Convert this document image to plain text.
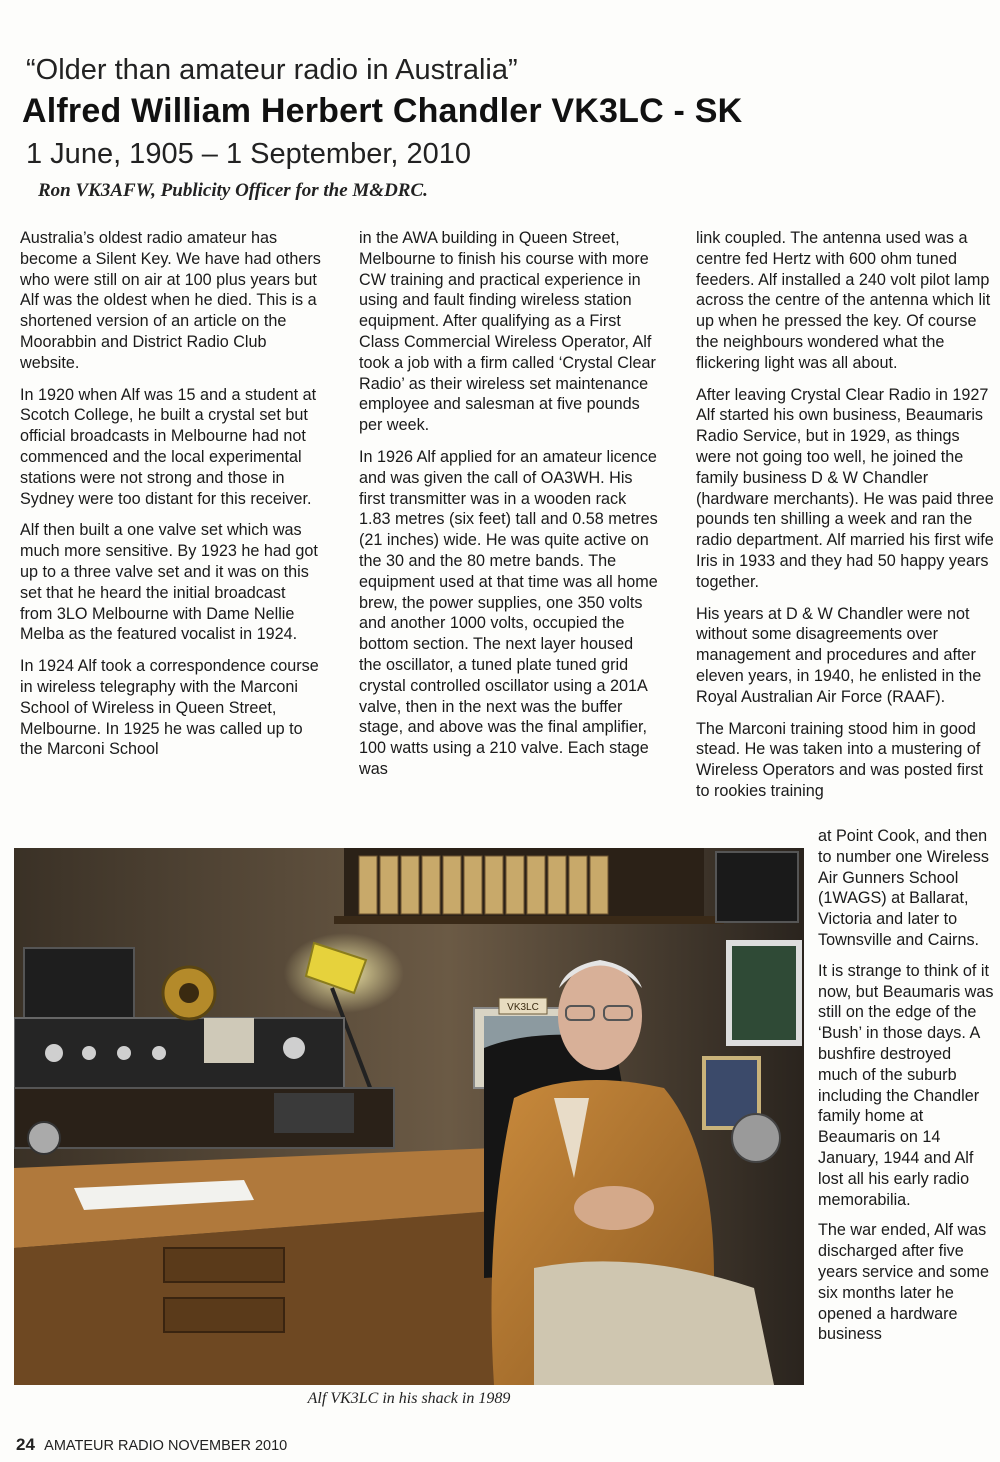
“Older than amateur radio in Australia”
Alfred William Herbert Chandler VK3LC - SK
1 June, 1905 – 1 September, 2010
Ron VK3AFW, Publicity Officer for the M&DRC.

Australia’s oldest radio amateur has become a Silent Key. We have had others who were still on air at 100 plus years but Alf was the oldest when he died. This is a shortened version of an article on the Moorabbin and District Radio Club website.

In 1920 when Alf was 15 and a student at Scotch College, he built a crystal set but official broadcasts in Melbourne had not commenced and the local experimental stations were not strong and those in Sydney were too distant for this receiver.

Alf then built a one valve set which was much more sensitive. By 1923 he had got up to a three valve set and it was on this set that he heard the initial broadcast from 3LO Melbourne with Dame Nellie Melba as the featured vocalist in 1924.

In 1924 Alf took a correspondence course in wireless telegraphy with the Marconi School of Wireless in Queen Street, Melbourne. In 1925 he was called up to the Marconi School

in the AWA building in Queen Street, Melbourne to finish his course with more CW training and practical experience in using and fault finding wireless station equipment. After qualifying as a First Class Commercial Wireless Operator, Alf took a job with a firm called ‘Crystal Clear Radio’ as their wireless set maintenance employee and salesman at five pounds per week.

In 1926 Alf applied for an amateur licence and was given the call of OA3WH. His first transmitter was in a wooden rack 1.83 metres (six feet) tall and 0.58 metres (21 inches) wide. He was quite active on the 30 and the 80 metre bands. The equipment used at that time was all home brew, the power supplies, one 350 volts and another 1000 volts, occupied the bottom section. The next layer housed the oscillator, a tuned plate tuned grid crystal controlled oscillator using a 201A valve, then in the next was the buffer stage, and above was the final amplifier, 100 watts using a 210 valve. Each stage was

link coupled. The antenna used was a centre fed Hertz with 600 ohm tuned feeders. Alf installed a 240 volt pilot lamp across the centre of the antenna which lit up when he pressed the key. Of course the neighbours wondered what the flickering light was all about.

After leaving Crystal Clear Radio in 1927 Alf started his own business, Beaumaris Radio Service, but in 1929, as things were not going too well, he joined the family business D & W Chandler (hardware merchants). He was paid three pounds ten shilling a week and ran the radio department. Alf married his first wife Iris in 1933 and they had 50 happy years together.

His years at D & W Chandler were not without some disagreements over management and procedures and after eleven years, in 1940, he enlisted in the Royal Australian Air Force (RAAF).

The Marconi training stood him in good stead. He was taken into a mustering of Wireless Operators and was posted first to rookies training

at Point Cook, and then to number one Wireless Air Gunners School (1WAGS) at Ballarat, Victoria and later to Townsville and Cairns.

It is strange to think of it now, but Beaumaris was still on the edge of the ‘Bush’ in those days. A bushfire destroyed much of the suburb including the Chandler family home at Beaumaris on 14 January, 1944 and Alf lost all his early radio memorabilia.

The war ended, Alf was discharged after five years service and some six months later he opened a hardware business

VK3LC
Alf VK3LC in his shack in 1989
24 AMATEUR RADIO NOVEMBER 2010
